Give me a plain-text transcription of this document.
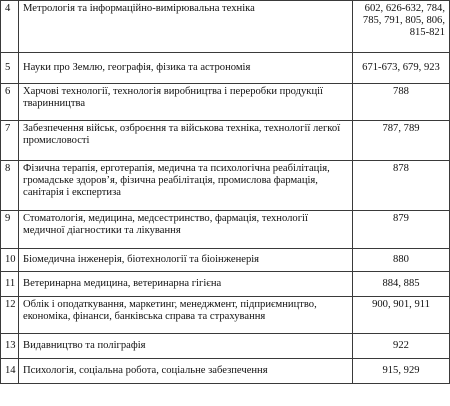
4	Метрологія та інформаційно-вимірювальна техніка	602, 626-632, 784, 785, 791, 805, 806, 815-821
5	Науки про Землю, географія, фізика та астрономія	671-673, 679, 923
6	Харчові технології, технологія виробництва і переробки продукції тваринництва	788
7	Забезпечення військ, озброєння та військова техніка, технології легкої промисловості	787, 789
8	Фізична терапія, ерготерапія, медична та психологічна реабілітація, громадське здоров’я, фізична реабілітація, промислова фармація, санітарія і експертиза	878
9	Стоматологія, медицина, медсестринство, фармація, технології медичної діагностики та лікування	879
10	Біомедична інженерія, біотехнології та біоінженерія	880
11	Ветеринарна медицина, ветеринарна гігієна	884, 885
12	Облік і оподаткування, маркетинг, менеджмент, підприємництво, економіка, фінанси, банківська справа та страхування	900, 901, 911
13	Видавництво та поліграфія	922
14	Психологія, соціальна робота, соціальне забезпечення	915, 929
